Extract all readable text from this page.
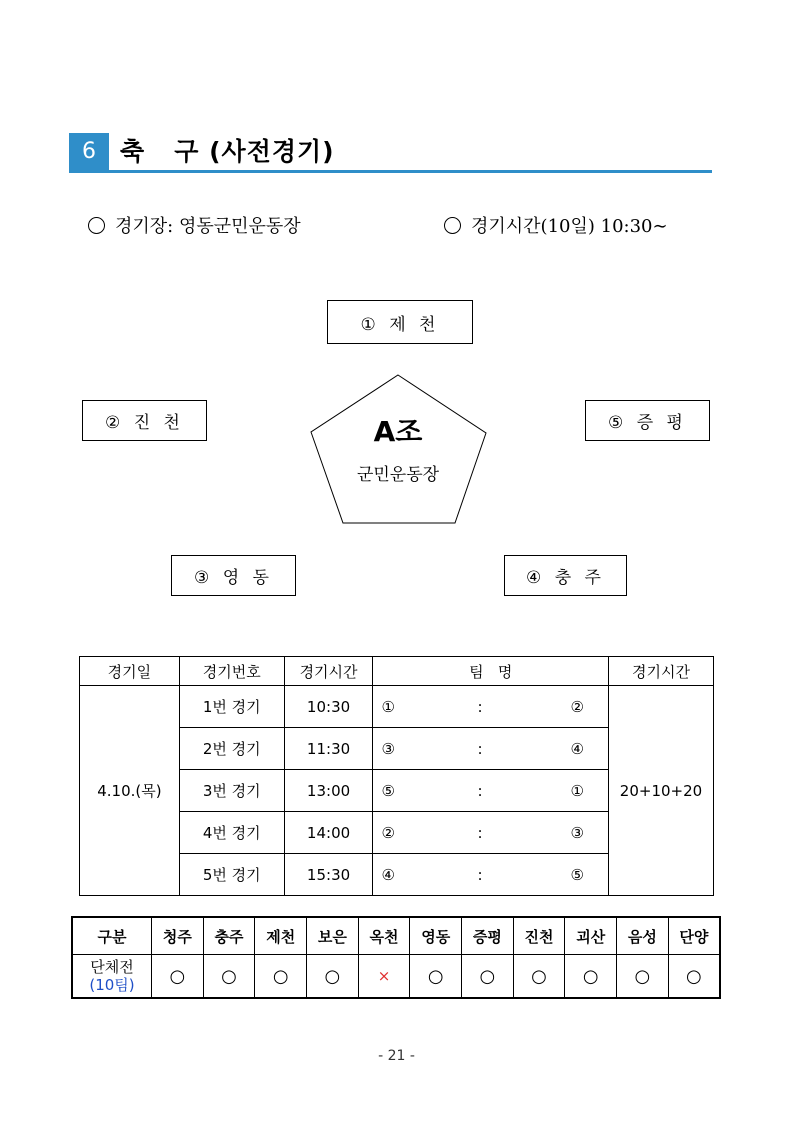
6 축   구 (사전경기)
경기장: 영동군민운동장	경기시간(10일) 10:30∼
① 제 천
② 진 천	⑤ 증 평
③ 영 동	④ 충 주
A조
군민운동장
경기일	경기번호	경기시간	팀   명	경기시간
4.10.(목)	1번 경기	10:30	① : ②	20+10+20
	2번 경기	11:30	③ : ④	

	3번 경기	13:00	⑤ : ①	

	4번 경기	14:00	② : ③	

	5번 경기	15:30	④ : ⑤	
구분	청주	충주	제천	보은	옥천	영동	증평	진천	괴산	음성	단양

단체전
(10팀)	○	○	○	○	×	○	○	○	○	○	○
- 21 -
